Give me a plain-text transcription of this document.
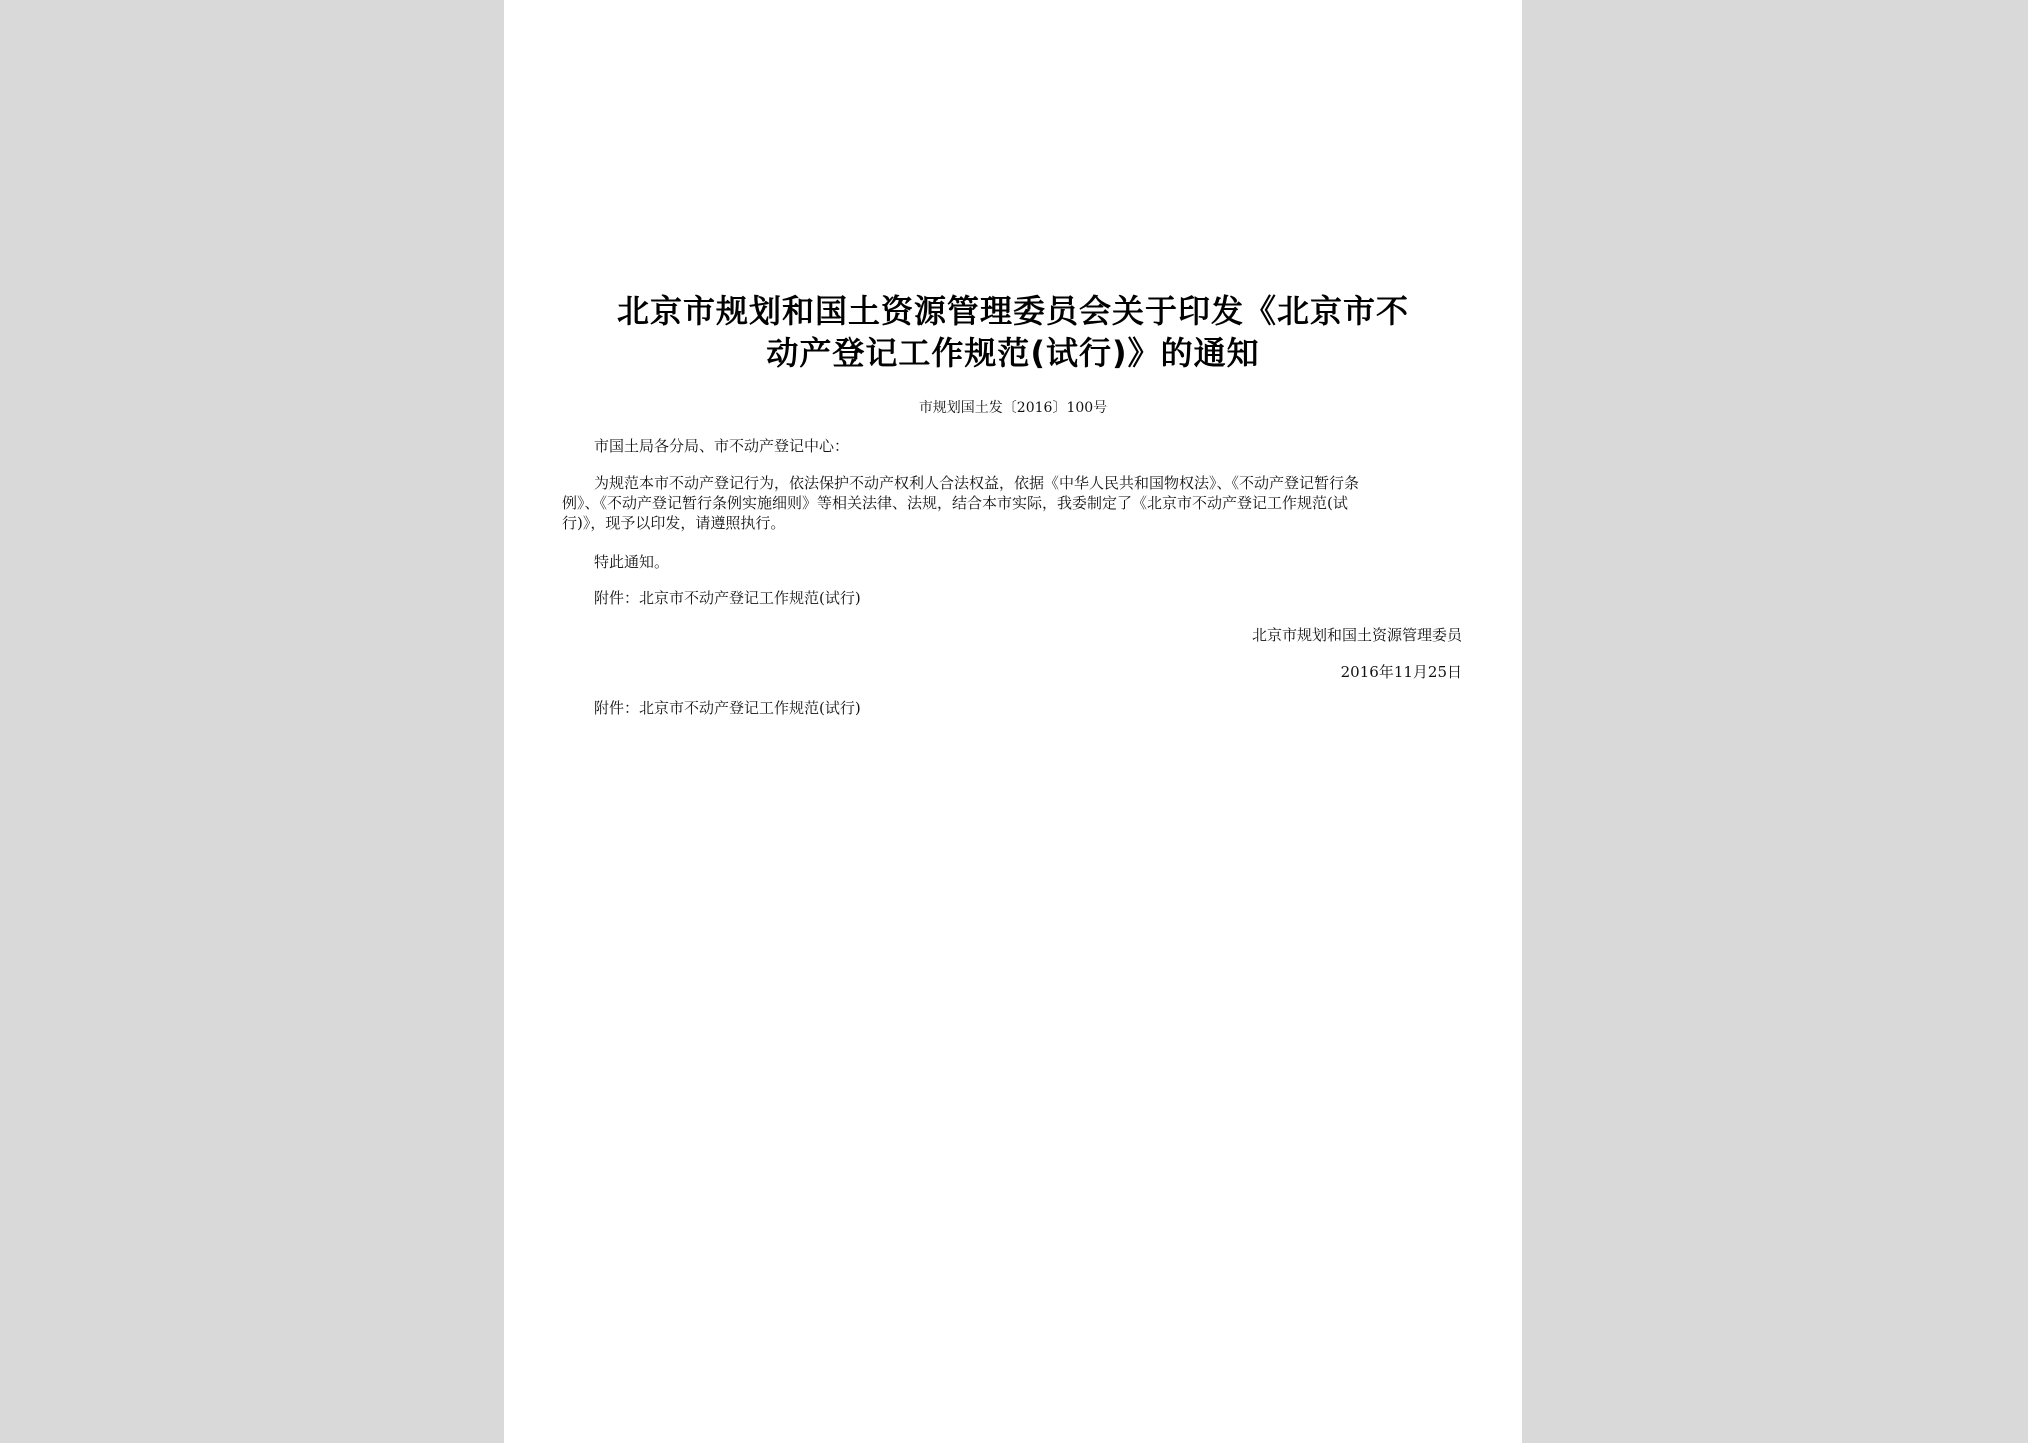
北京市规划和国土资源管理委员会关于印发《北京市不
动产登记工作规范(试行)》的通知
市规划国土发〔2016〕100号
市国土局各分局、市不动产登记中心：
为规范本市不动产登记行为，依法保护不动产权利人合法权益，依据《中华人民共和国物权法》、《不动产登记暂行条
例》、《不动产登记暂行条例实施细则》等相关法律、法规，结合本市实际，我委制定了《北京市不动产登记工作规范(试
行)》，现予以印发，请遵照执行。
特此通知。
附件：北京市不动产登记工作规范(试行)
北京市规划和国土资源管理委员
2016年11月25日
附件：北京市不动产登记工作规范(试行)
